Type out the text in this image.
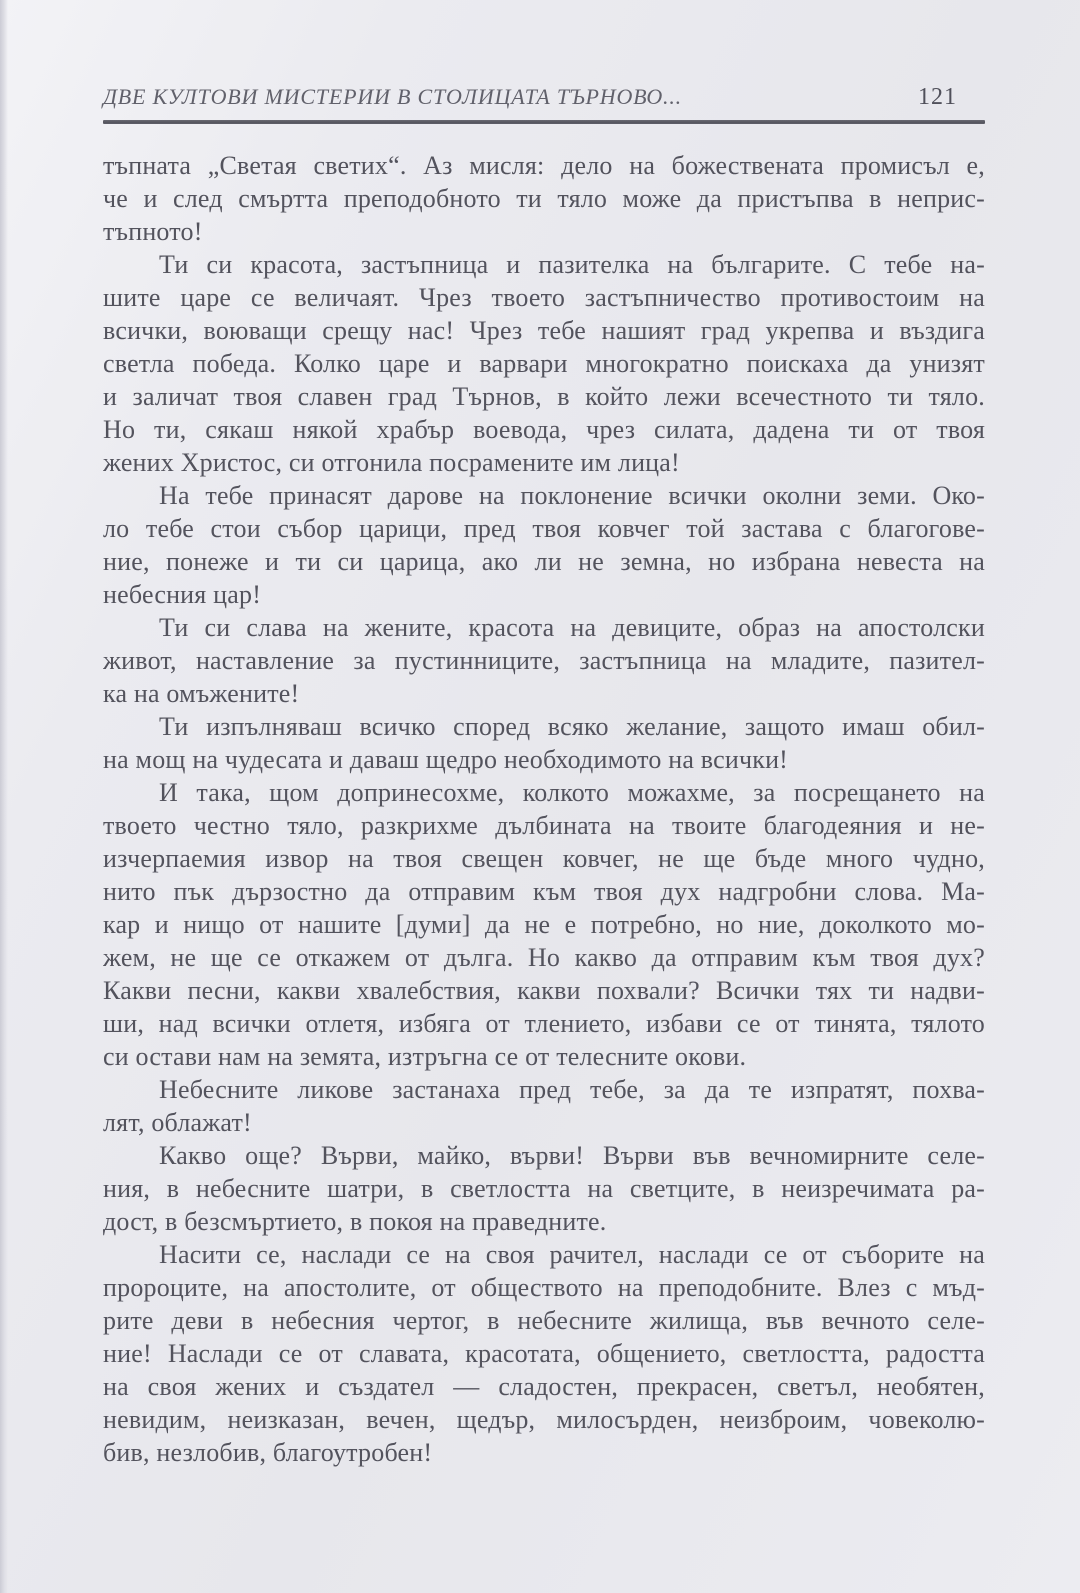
ДВЕ КУЛТОВИ МИСТЕРИИ В СТОЛИЦАТА ТЪРНОВО...	121
тъпната „Светая светих“. Аз мисля: дело на божествената промисъл е,
че и след смъртта преподобното ти тяло може да пристъпва в неприс-
тъпното!
Ти си красота, застъпница и пазителка на българите. С тебе на-
шите царе се величаят. Чрез твоето застъпничество противостоим на
всички, воюващи срещу нас! Чрез тебе нашият град укрепва и въздига
светла победа. Колко царе и варвари многократно поискаха да унизят
и заличат твоя славен град Търнов, в който лежи всечестното ти тяло.
Но ти, сякаш някой храбър воевода, чрез силата, дадена ти от твоя
жених Христос, си отгонила посрамените им лица!
На тебе принасят дарове на поклонение всички околни земи. Око-
ло тебе стои събор царици, пред твоя ковчег той застава с благогове-
ние, понеже и ти си царица, ако ли не земна, но избрана невеста на
небесния цар!
Ти си слава на жените, красота на девиците, образ на апостолски
живот, наставление за пустинниците, застъпница на младите, пазител-
ка на омъжените!
Ти изпълняваш всичко според всяко желание, защото имаш обил-
на мощ на чудесата и даваш щедро необходимото на всички!
И така, щом допринесохме, колкото можахме, за посрещането на
твоето честно тяло, разкрихме дълбината на твоите благодеяния и не-
изчерпаемия извор на твоя свещен ковчег, не ще бъде много чудно,
нито пък дързостно да отправим към твоя дух надгробни слова. Ма-
кар и нищо от нашите [думи] да не е потребно, но ние, доколкото мо-
жем, не ще се откажем от дълга. Но какво да отправим към твоя дух?
Какви песни, какви хвалебствия, какви похвали? Всички тях ти надви-
ши, над всички отлетя, избяга от тлението, избави се от тинята, тялото
си остави нам на земята, изтръгна се от телесните окови.
Небесните ликове застанаха пред тебе, за да те изпратят, похва-
лят, облажат!
Какво още? Върви, майко, върви! Върви във вечномирните селе-
ния, в небесните шатри, в светлостта на светците, в неизречимата ра-
дост, в безсмъртието, в покоя на праведните.
Насити се, наслади се на своя рачител, наслади се от съборите на
пророците, на апостолите, от обществото на преподобните. Влез с мъд-
рите деви в небесния чертог, в небесните жилища, във вечното селе-
ние! Наслади се от славата, красотата, общението, светлостта, радостта
на своя жених и създател — сладостен, прекрасен, светъл, необятен,
невидим, неизказан, вечен, щедър, милосърден, неизброим, човеколю-
бив, незлобив, благоутробен!
